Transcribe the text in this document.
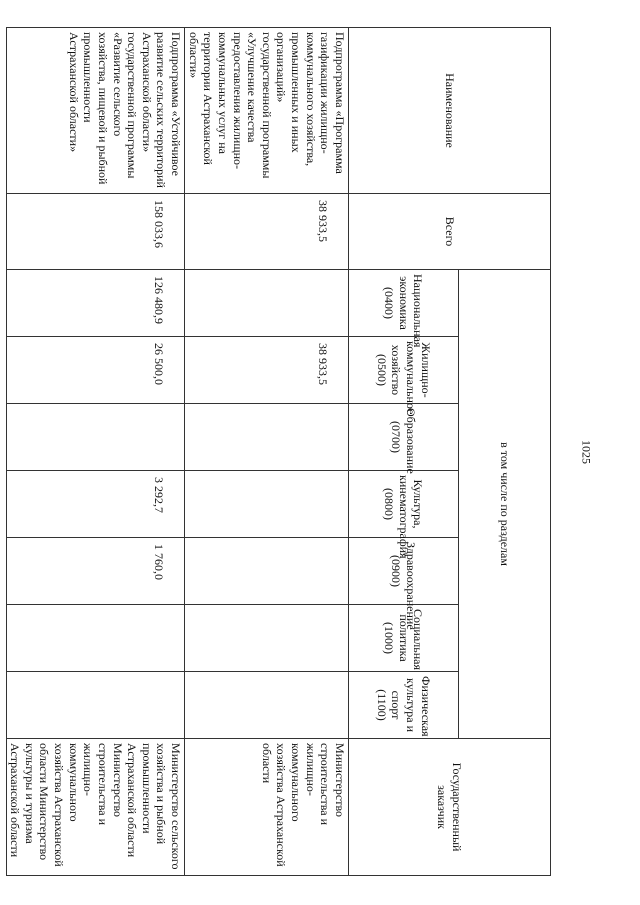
1025
Наименование	Всего	в том числе по разделам							Государственный заказчик
		Национальная экономика (0400)	Жилищно-коммунальное хозяйство (0500)	Образование (0700)	Культура, кинематография (0800)	Здравоохранение (0900)	Социальная политика (1000)	Физическая культура и спорт (1100)	
Подпрограмма «Программа газификации жилищно-коммунального хозяйства, промышленных и иных организаций» государственной программы «Улучшение качества предоставления жилищно-коммунальных услуг на территории Астраханской области»	38 933,5		38 933,5						Министерство строительства и жилищно-коммунального хозяйства Астраханской области
Подпрограмма «Устойчивое развитие сельских территорий Астраханской области» государственной программы «Развитие сельского хозяйства, пищевой и рыбной промышленности Астраханской области»	158 033,6	126 480,9	26 500,0		3 292,7	1 760,0			Министерство сельского хозяйства и рыбной промышленности Астраханской области Министерство строительства и жилищно-коммунального хозяйства Астраханской области Министерство культуры и туризма Астраханской области
